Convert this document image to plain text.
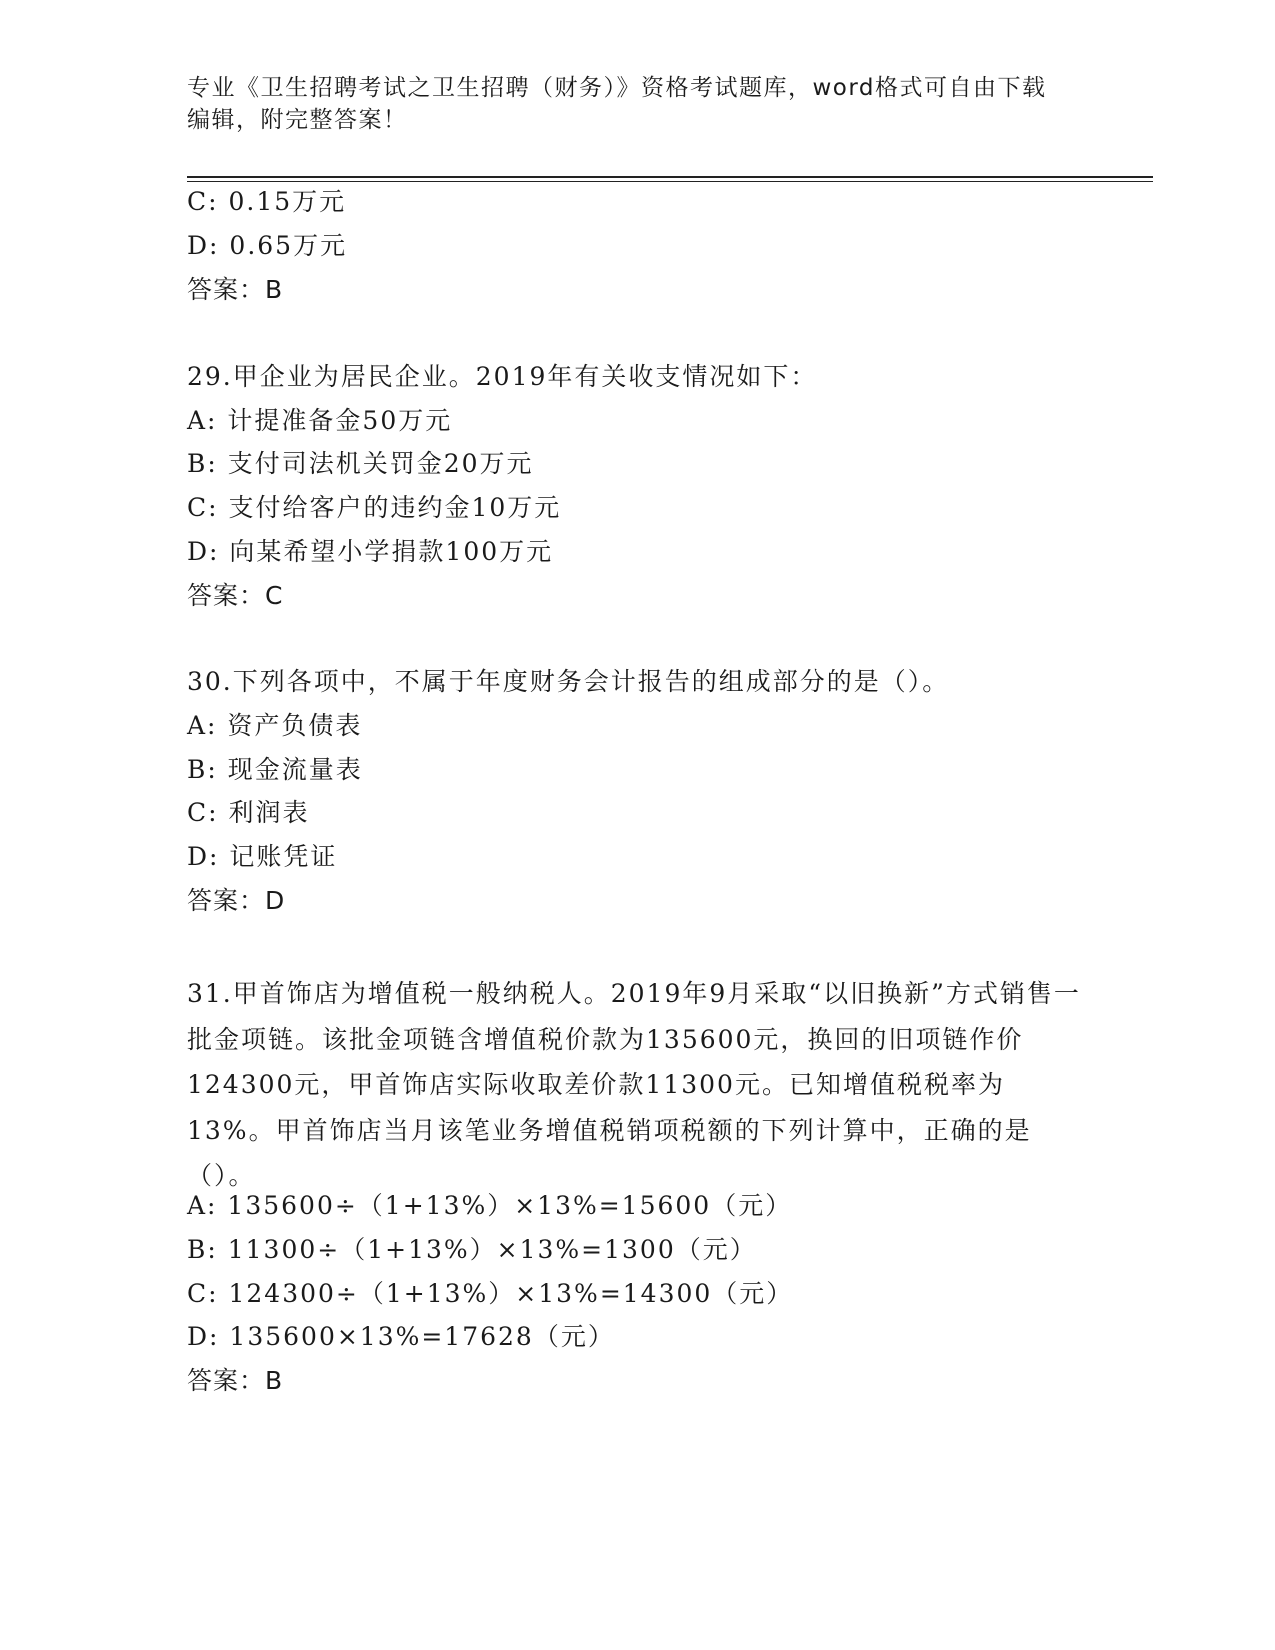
专业《卫生招聘考试之卫生招聘（财务）》资格考试题库，word格式可自由下载
编辑，附完整答案！
C: 0.15万元
D: 0.65万元
答案：B
29.甲企业为居民企业。2019年有关收支情况如下：
A: 计提准备金50万元
B: 支付司法机关罚金20万元
C: 支付给客户的违约金10万元
D: 向某希望小学捐款100万元
答案：C
30.下列各项中，不属于年度财务会计报告的组成部分的是（）。
A: 资产负债表
B: 现金流量表
C: 利润表
D: 记账凭证
答案：D
31.甲首饰店为增值税一般纳税人。2019年9月采取“以旧换新”方式销售一批金项链。该批金项链含增值税价款为135600元，换回的旧项链作价124300元，甲首饰店实际收取差价款11300元。已知增值税税率为13%。甲首饰店当月该笔业务增值税销项税额的下列计算中，正确的是（）。
A: 135600÷（1+13%）×13%=15600（元）
B: 11300÷（1+13%）×13%=1300（元）
C: 124300÷（1+13%）×13%=14300（元）
D: 135600×13%=17628（元）
答案：B
